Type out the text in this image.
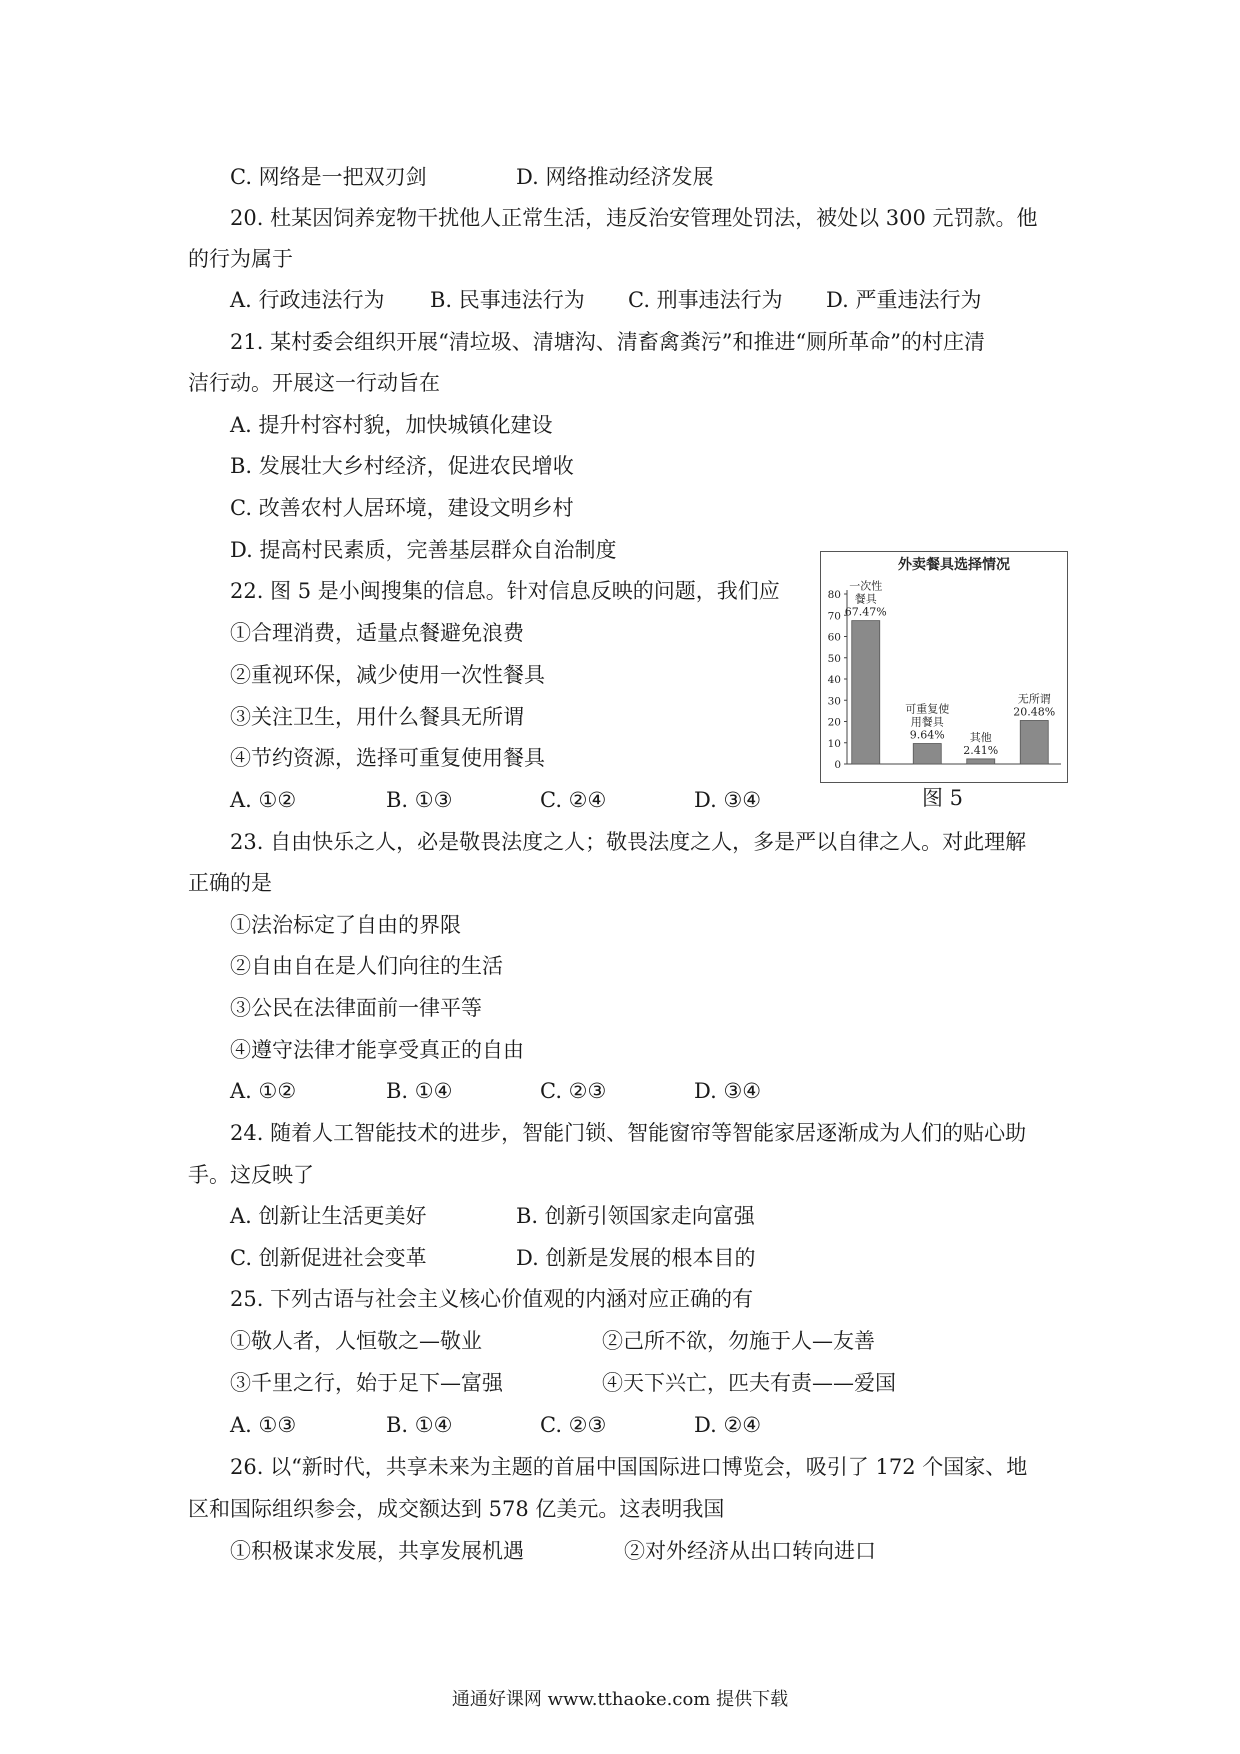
C. 网络是一把双刃剑	D. 网络推动经济发展
20. 杜某因饲养宠物干扰他人正常生活，违反治安管理处罚法，被处以 300 元罚款。他
的行为属于
A. 行政违法行为 B. 民事违法行为 C. 刑事违法行为 D. 严重违法行为
21. 某村委会组织开展“清垃圾、清塘沟、清畜禽粪污”和推进“厕所革命”的村庄清
洁行动。开展这一行动旨在
A. 提升村容村貌，加快城镇化建设
B. 发展壮大乡村经济，促进农民增收
C. 改善农村人居环境，建设文明乡村
D. 提高村民素质，完善基层群众自治制度
22. 图 5 是小闽搜集的信息。针对信息反映的问题，我们应
①合理消费，适量点餐避免浪费
②重视环保，减少使用一次性餐具
③关注卫生，用什么餐具无所谓
④节约资源，选择可重复使用餐具
A. ①②	B. ①③	C. ②④	D. ③④
外卖餐具选择情况
0
10
20
30
40
50
60
70
80
一次性
餐具
67.47%
可重复使
用餐具
9.64% 其他
2.41%
无所谓
20.48%
图 5
23. 自由快乐之人，必是敬畏法度之人；敬畏法度之人，多是严以自律之人。对此理解
正确的是
①法治标定了自由的界限
②自由自在是人们向往的生活
③公民在法律面前一律平等
④遵守法律才能享受真正的自由
A. ①②	B. ①④	C. ②③	D. ③④
24. 随着人工智能技术的进步，智能门锁、智能窗帘等智能家居逐渐成为人们的贴心助
手。这反映了
A. 创新让生活更美好	B. 创新引领国家走向富强
C. 创新促进社会变革	D. 创新是发展的根本目的
25. 下列古语与社会主义核心价值观的内涵对应正确的有
①敬人者，人恒敬之—敬业	②己所不欲，勿施于人—友善
③千里之行，始于足下—富强	④天下兴亡，匹夫有责——爱国
A. ①③	B. ①④	C. ②③	D. ②④
26. 以“新时代，共享未来为主题的首届中国国际进口博览会，吸引了 172 个国家、地
区和国际组织参会，成交额达到 578 亿美元。这表明我国
①积极谋求发展，共享发展机遇	②对外经济从出口转向进口
通通好课网 www.tthaoke.com 提供下载
